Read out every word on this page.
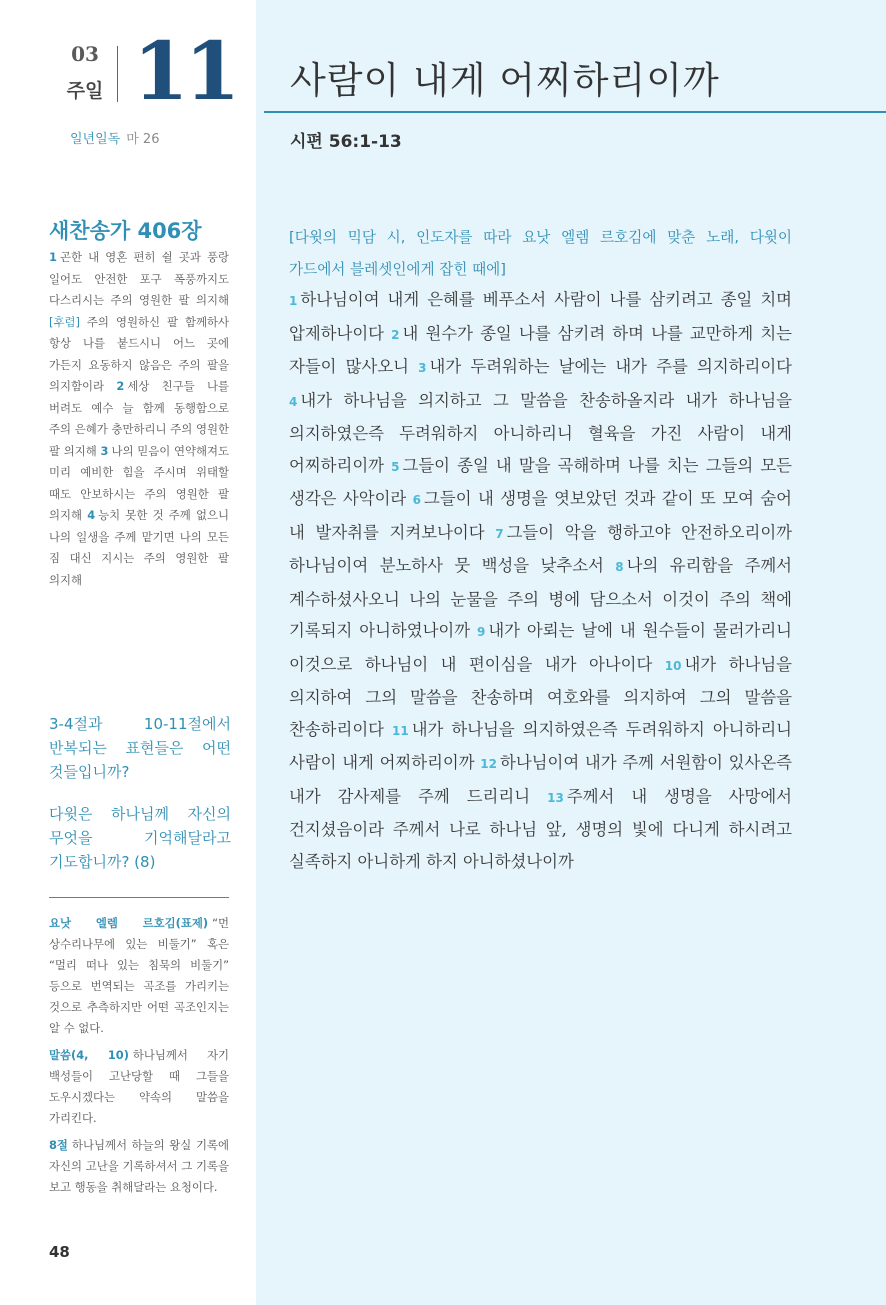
03
주일 11
일년일독 마 26
새찬송가 406장
1 곤한 내 영혼 편히 쉴 곳과 풍랑 일어도 안전한 포구 폭풍까지도 다스리시는 주의 영원한 팔 의지해 [후렴] 주의 영원하신 팔 함께하사 항상 나를 붙드시니 어느 곳에 가든지 요동하지 않음은 주의 팔을 의지함이라 2 세상 친구들 나를 버려도 예수 늘 함께 동행함으로 주의 은혜가 충만하리니 주의 영원한 팔 의지해 3 나의 믿음이 연약해져도 미리 예비한 힘을 주시며 위태할 때도 안보하시는 주의 영원한 팔 의지해 4 능치 못한 것 주께 없으니 나의 일생을 주께 맡기면 나의 모든 짐 대신 지시는 주의 영원한 팔 의지해

3-4절과 10-11절에서 반복되는 표현들은 어떤 것들입니까?

다윗은 하나님께 자신의 무엇을 기억해달라고 기도합니까? (8)

요낫 엘렘 르호김(표제) “먼 상수리나무에 있는 비둘기” 혹은 “멀리 떠나 있는 침묵의 비둘기” 등으로 번역되는 곡조를 가리키는 것으로 추측하지만 어떤 곡조인지는 알 수 없다.
말씀(4, 10) 하나님께서 자기 백성들이 고난당할 때 그들을 도우시겠다는 약속의 말씀을 가리킨다.
8절 하나님께서 하늘의 왕실 기록에 자신의 고난을 기록하셔서 그 기록을 보고 행동을 취해달라는 요청이다.
48
사람이 내게 어찌하리이까
시편 56:1-13
[다윗의 믹담 시, 인도자를 따라 요낫 엘렘 르호김에 맞춘 노래, 다윗이 가드에서 블레셋인에게 잡힌 때에]
1 하나님이여 내게 은혜를 베푸소서 사람이 나를 삼키려고 종일 치며 압제하나이다 2 내 원수가 종일 나를 삼키려 하며 나를 교만하게 치는 자들이 많사오니 3 내가 두려워하는 날에는 내가 주를 의지하리이다 4 내가 하나님을 의지하고 그 말씀을 찬송하올지라 내가 하나님을 의지하였은즉 두려워하지 아니하리니 혈육을 가진 사람이 내게 어찌하리이까 5 그들이 종일 내 말을 곡해하며 나를 치는 그들의 모든 생각은 사악이라 6 그들이 내 생명을 엿보았던 것과 같이 또 모여 숨어 내 발자취를 지켜보나이다 7 그들이 악을 행하고야 안전하오리이까 하나님이여 분노하사 뭇 백성을 낮추소서 8 나의 유리함을 주께서 계수하셨사오니 나의 눈물을 주의 병에 담으소서 이것이 주의 책에 기록되지 아니하였나이까 9 내가 아뢰는 날에 내 원수들이 물러가리니 이것으로 하나님이 내 편이심을 내가 아나이다 10 내가 하나님을 의지하여 그의 말씀을 찬송하며 여호와를 의지하여 그의 말씀을 찬송하리이다 11 내가 하나님을 의지하였은즉 두려워하지 아니하리니 사람이 내게 어찌하리이까 12 하나님이여 내가 주께 서원함이 있사온즉 내가 감사제를 주께 드리리니 13 주께서 내 생명을 사망에서 건지셨음이라 주께서 나로 하나님 앞, 생명의 빛에 다니게 하시려고 실족하지 아니하게 하지 아니하셨나이까
